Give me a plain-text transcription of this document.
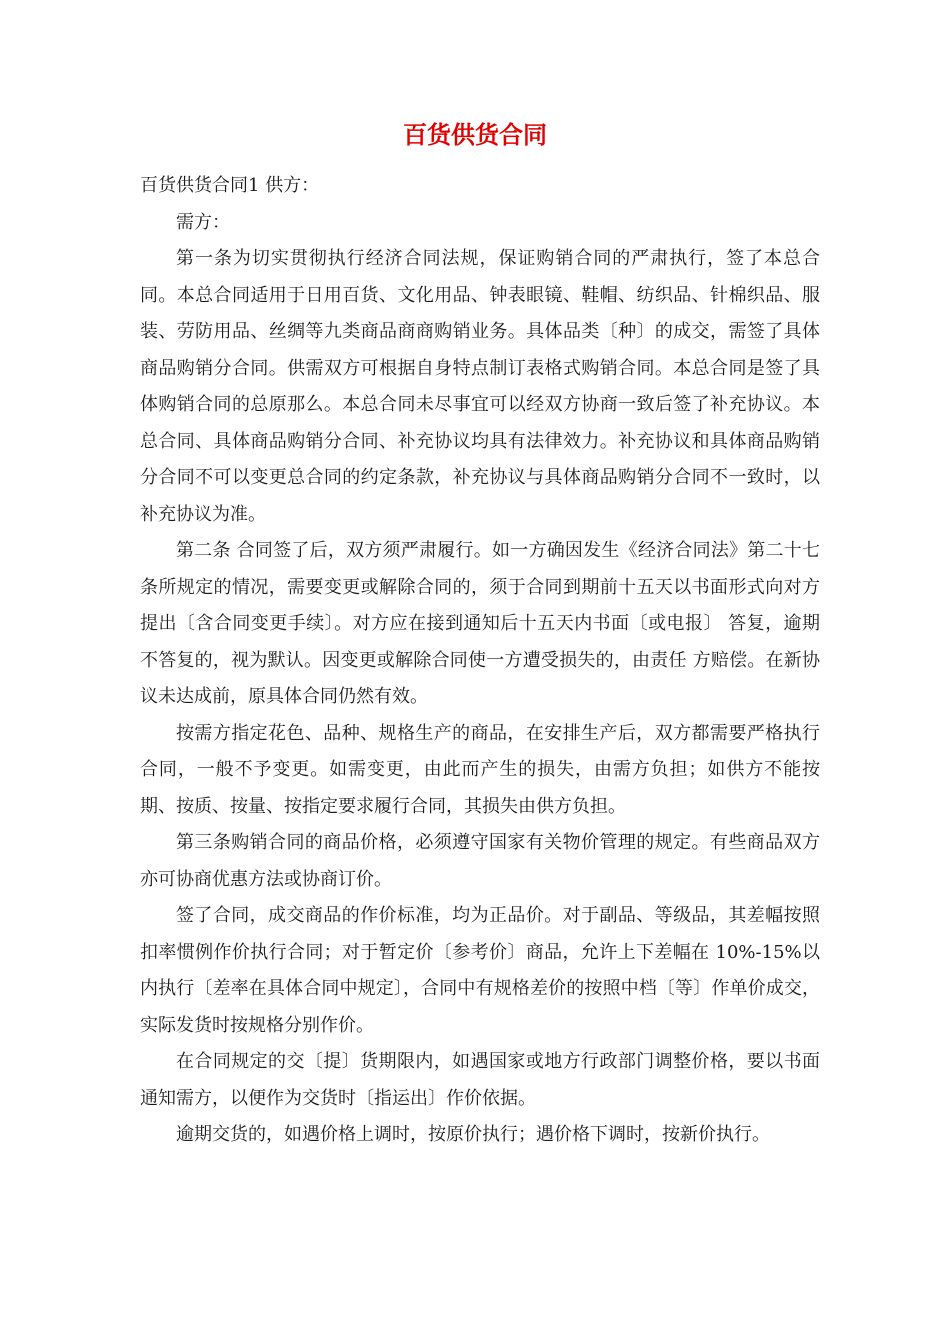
百货供货合同

百货供货合同1 供方：

需方：

第一条为切实贯彻执行经济合同法规，保证购销合同的严肃执行，签了本总合同。本总合同适用于日用百货、文化用品、钟表眼镜、鞋帽、纺织品、针棉织品、服装、劳防用品、丝绸等九类商品商商购销业务。具体品类〔种〕的成交，需签了具体商品购销分合同。供需双方可根据自身特点制订表格式购销合同。本总合同是签了具体购销合同的总原那么。本总合同未尽事宜可以经双方协商一致后签了补充协议。本总合同、具体商品购销分合同、补充协议均具有法律效力。补充协议和具体商品购销分合同不可以变更总合同的约定条款，补充协议与具体商品购销分合同不一致时，以补充协议为准。

第二条 合同签了后，双方须严肃履行。如一方确因发生《经济合同法》第二十七条所规定的情况，需要变更或解除合同的，须于合同到期前十五天以书面形式向对方提出〔含合同变更手续〕。对方应在接到通知后十五天内书面〔或电报〕 答复，逾期不答复的，视为默认。因变更或解除合同使一方遭受损失的，由责任 方赔偿。在新协议未达成前，原具体合同仍然有效。

按需方指定花色、品种、规格生产的商品，在安排生产后，双方都需要严格执行合同，一般不予变更。如需变更，由此而产生的损失，由需方负担；如供方不能按期、按质、按量、按指定要求履行合同，其损失由供方负担。

第三条购销合同的商品价格，必须遵守国家有关物价管理的规定。有些商品双方亦可协商优惠方法或协商订价。

签了合同，成交商品的作价标准，均为正品价。对于副品、等级品，其差幅按照扣率惯例作价执行合同；对于暂定价〔参考价〕商品，允许上下差幅在 10%-15%以内执行〔差率在具体合同中规定〕，合同中有规格差价的按照中档〔等〕作单价成交，实际发货时按规格分别作价。

在合同规定的交〔提〕货期限内，如遇国家或地方行政部门调整价格，要以书面通知需方，以便作为交货时〔指运出〕作价依据。

逾期交货的，如遇价格上调时，按原价执行；遇价格下调时，按新价执行。
